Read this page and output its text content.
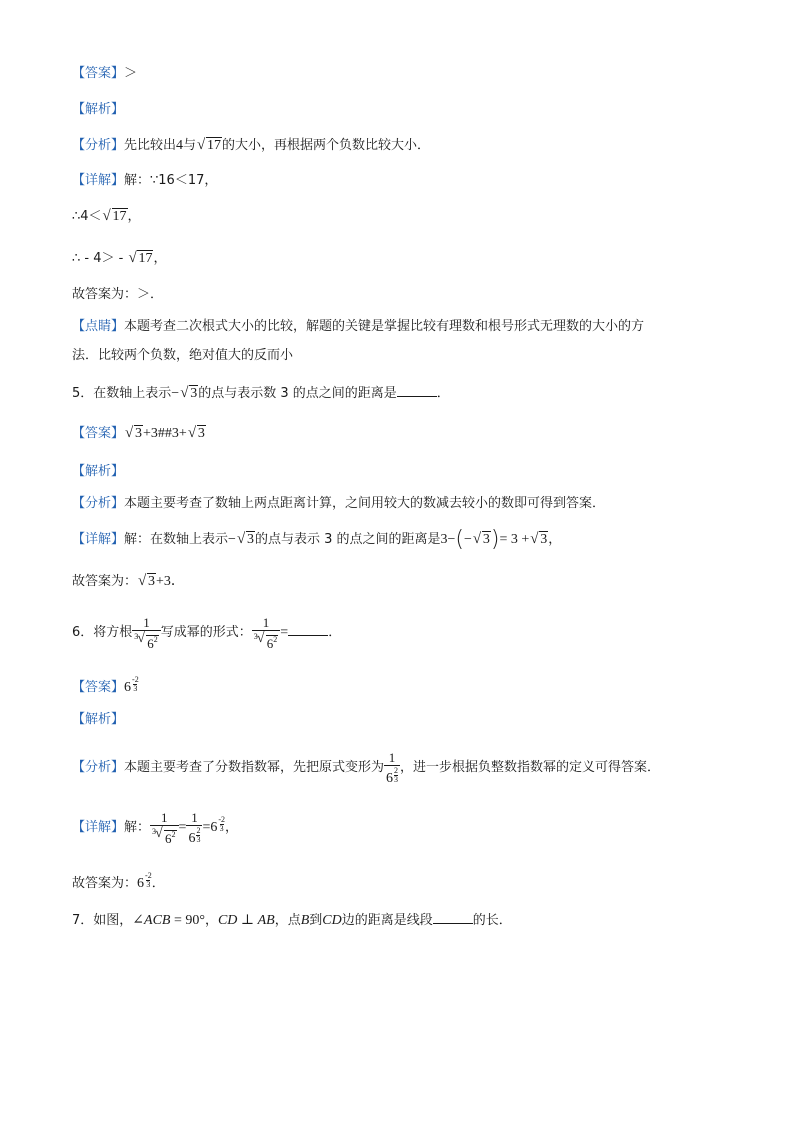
【答案】＞
【解析】
【分析】先比较出4与 √ 17的大小，再根据两个负数比较大小．
【详解】解：∵16＜17，
∴4＜ √ 17，
∴ - 4＞ - √ 17，
故答案为：＞．
【点睛】本题考查二次根式大小的比较，解题的关键是掌握比较有理数和根号形式无理数的大小的方
法．比较两个负数，绝对值大的反而小
5．在数轴上表示− √ 3的点与表示数 3 的点之间的距离是	．
【答案】 √ 3+3##3+ √ 3
【解析】
【分析】本题主要考查了数轴上两点距离计算，之间用较大的数减去较小的数即可得到答案．
【详解】解：在数轴上表示− √ 3的点与表示 3 的点之间的距离是3−(− √ 3)= 3 + √ 3，
故答案为： √ 3+3．
6．将方根 1
√ 3 $6^2$ 写成幂的形式： 1
√ 3 $6^2$ =	．
【答案】$6 \frac{-2}{3}$
【解析】
【分析】本题主要考查了分数指数幂，先把原式变形为 $\frac{1}{6 \frac{2}{3}}$ ，进一步根据负整数指数幂的定义可得答案．
【详解】解： 1
√ 3 $6^2 = \frac{1}{6 \frac{2}{3}} =6 \frac{-2}{3}$ ，
故答案为：$6 \frac{-2}{3}$ ．
7．如图，∠ACB = 90°，CD ⊥ AB，点B到CD边的距离是线段	的长．
